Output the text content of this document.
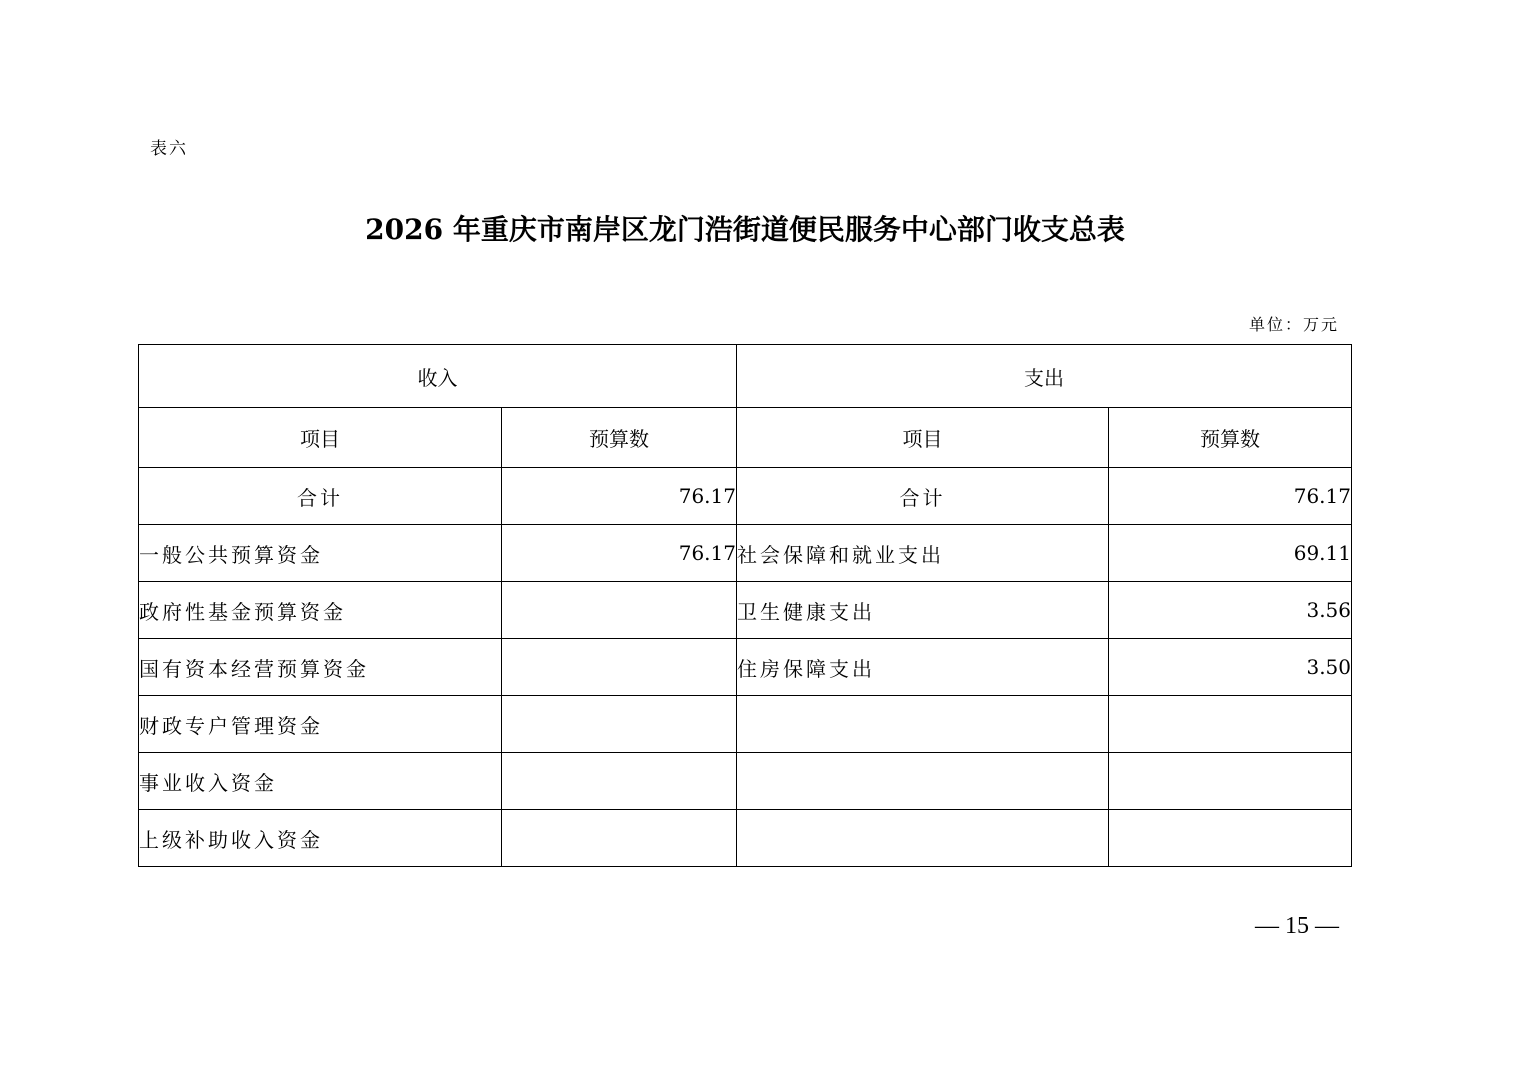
表六
2026 年重庆市南岸区龙门浩街道便民服务中心部门收支总表
单位：万元
收入		支出	
项目	预算数	项目	预算数
合计	76.17	合计	76.17
一般公共预算资金	76.17	社会保障和就业支出	69.11
政府性基金预算资金		卫生健康支出	3.56
国有资本经营预算资金		住房保障支出	3.50
财政专户管理资金			
事业收入资金			
上级补助收入资金			
— 15 —
